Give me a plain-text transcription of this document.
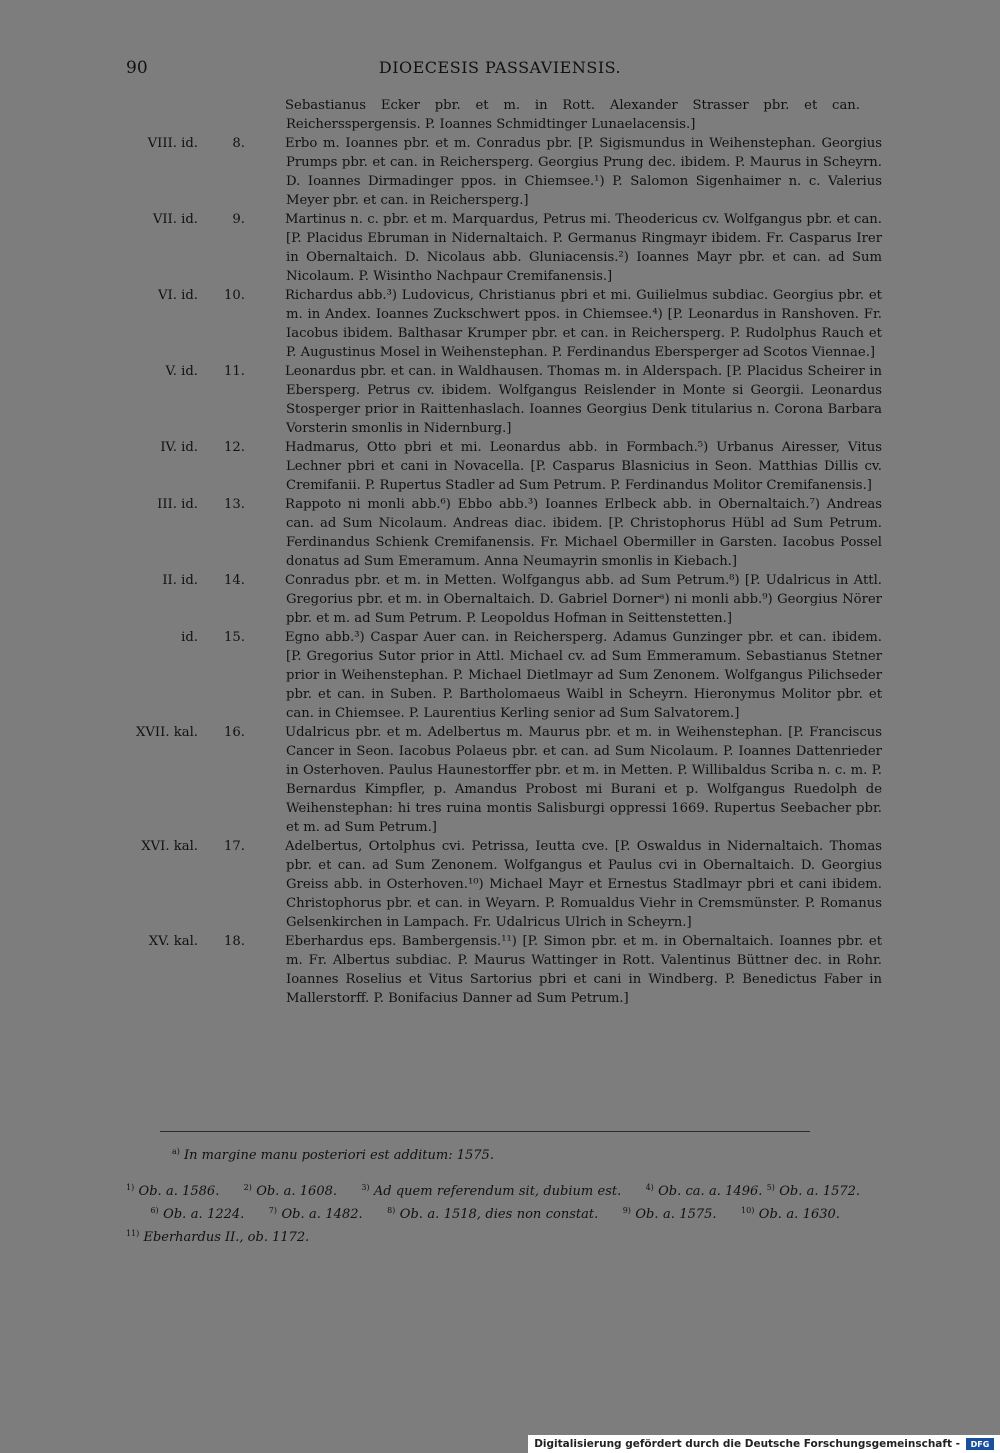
90	DIOECESIS PASSAVIENSIS.
Sebastianus Ecker pbr. et m. in Rott. Alexander Strasser pbr. et can. Reichersspergensis. P. Ioannes Schmidtinger Lunaelacensis.]
VIII. id.	8.	Erbo m. Ioannes pbr. et m. Conradus pbr. [P. Sigismundus in Weihenstephan. Georgius Prumps pbr. et can. in Reichersperg. Georgius Prung dec. ibidem. P. Maurus in Scheyrn. D. Ioannes Dirmadinger ppos. in Chiemsee.¹) P. Salomon Sigenhaimer n. c. Valerius Meyer pbr. et can. in Reichersperg.]
VII. id.	9.	Martinus n. c. pbr. et m. Marquardus, Petrus mi. Theodericus cv. Wolfgangus pbr. et can. [P. Placidus Ebruman in Nidernaltaich. P. Germanus Ringmayr ibidem. Fr. Casparus Irer in Obernaltaich. D. Nicolaus abb. Gluniacensis.²) Ioannes Mayr pbr. et can. ad Sum Nicolaum. P. Wisintho Nachpaur Cremifanensis.]
VI. id. 10.	Richardus abb.³) Ludovicus, Christianus pbri et mi. Guilielmus subdiac. Georgius pbr. et m. in Andex. Ioannes Zuckschwert ppos. in Chiemsee.⁴) [P. Leonardus in Ranshoven. Fr. Iacobus ibidem. Balthasar Krumper pbr. et can. in Reichersperg. P. Rudolphus Rauch et P. Augustinus Mosel in Weihenstephan. P. Ferdinandus Ebersperger ad Scotos Viennae.]
V. id. 11.	Leonardus pbr. et can. in Waldhausen. Thomas m. in Alderspach. [P. Placidus Scheirer in Ebersperg. Petrus cv. ibidem. Wolfgangus Reislender in Monte si Georgii. Leonardus Stosperger prior in Raittenhaslach. Ioannes Georgius Denk titularius n. Corona Barbara Vorsterin smonlis in Nidernburg.]
IV. id. 12.	Hadmarus, Otto pbri et mi. Leonardus abb. in Formbach.⁵) Urbanus Airesser, Vitus Lechner pbri et cani in Novacella. [P. Casparus Blasnicius in Seon. Matthias Dillis cv. Cremifanii. P. Rupertus Stadler ad Sum Petrum. P. Ferdinandus Molitor Cremifanensis.]
III. id. 13.	Rappoto ni monli abb.⁶) Ebbo abb.³) Ioannes Erlbeck abb. in Obernaltaich.⁷) Andreas can. ad Sum Nicolaum. Andreas diac. ibidem. [P. Christophorus Hübl ad Sum Petrum. Ferdinandus Schienk Cremifanensis. Fr. Michael Obermiller in Garsten. Iacobus Possel donatus ad Sum Emeramum. Anna Neumayrin smonlis in Kiebach.]
II. id. 14.	Conradus pbr. et m. in Metten. Wolfgangus abb. ad Sum Petrum.⁸) [P. Udalricus in Attl. Gregorius pbr. et m. in Obernaltaich. D. Gabriel Dornerᵃ) ni monli abb.⁹) Georgius Nörer pbr. et m. ad Sum Petrum. P. Leopoldus Hofman in Seittenstetten.]
id. 15.	Egno abb.³) Caspar Auer can. in Reichersperg. Adamus Gunzinger pbr. et can. ibidem. [P. Gregorius Sutor prior in Attl. Michael cv. ad Sum Emmeramum. Sebastianus Stetner prior in Weihenstephan. P. Michael Dietlmayr ad Sum Zenonem. Wolfgangus Pilichseder pbr. et can. in Suben. P. Bartholomaeus Waibl in Scheyrn. Hieronymus Molitor pbr. et can. in Chiemsee. P. Laurentius Kerling senior ad Sum Salvatorem.]
XVII. kal. 16.	Udalricus pbr. et m. Adelbertus m. Maurus pbr. et m. in Weihenstephan. [P. Franciscus Cancer in Seon. Iacobus Polaeus pbr. et can. ad Sum Nicolaum. P. Ioannes Dattenrieder in Osterhoven. Paulus Haunestorffer pbr. et m. in Metten. P. Willibaldus Scriba n. c. m. P. Bernardus Kimpfler, p. Amandus Probost mi Burani et p. Wolfgangus Ruedolph de Weihenstephan: hi tres ruina montis Salisburgi oppressi 1669. Rupertus Seebacher pbr. et m. ad Sum Petrum.]
XVI. kal. 17.	Adelbertus, Ortolphus cvi. Petrissa, Ieutta cve. [P. Oswaldus in Nidernaltaich. Thomas pbr. et can. ad Sum Zenonem. Wolfgangus et Paulus cvi in Obernaltaich. D. Georgius Greiss abb. in Osterhoven.¹⁰) Michael Mayr et Ernestus Stadlmayr pbri et cani ibidem. Christophorus pbr. et can. in Weyarn. P. Romualdus Viehr in Cremsmünster. P. Romanus Gelsenkirchen in Lampach. Fr. Udalricus Ulrich in Scheyrn.]
XV. kal. 18.	Eberhardus eps. Bambergensis.¹¹) [P. Simon pbr. et m. in Obernaltaich. Ioannes pbr. et m. Fr. Albertus subdiac. P. Maurus Wattinger in Rott. Valentinus Büttner dec. in Rohr. Ioannes Roselius et Vitus Sartorius pbri et cani in Windberg. P. Benedictus Faber in Mallerstorff. P. Bonifacius Danner ad Sum Petrum.]
$^{a)}$ In margine manu posteriori est additum: 1575.
$^{1)}$ Ob. a. 1586.	$^{2)}$ Ob. a. 1608.	$^{3)}$ Ad quem referendum sit, dubium est.	$^{4)}$ Ob. ca. a. 1496. $^{5)}$ Ob. a. 1572. $^{6)}$ Ob. a. 1224.	$^{7)}$ Ob. a. 1482.	$^{8)}$ Ob. a. 1518, dies non constat.	$^{9)}$ Ob. a. 1575.	$^{10)}$ Ob. a. 1630. $^{11)}$ Eberhardus II., ob. 1172.
Digitalisierung gefördert durch die Deutsche Forschungsgemeinschaft -	DFG
